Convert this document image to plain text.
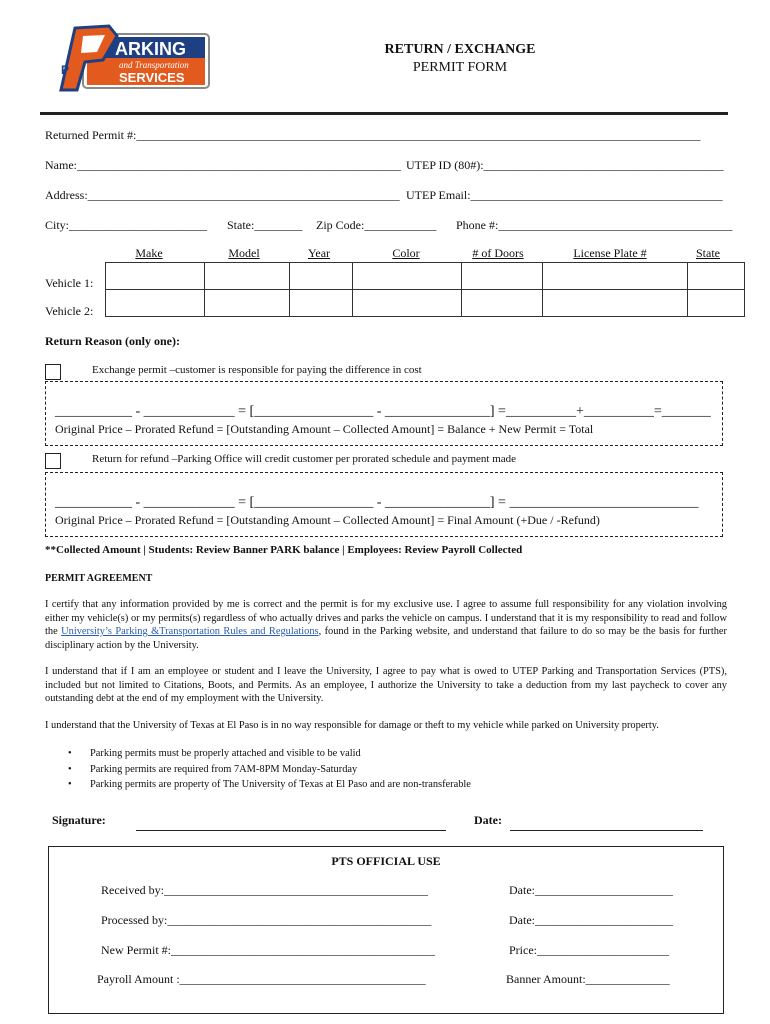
P
ARKING
and Transportation
SERVICES
RETURN / EXCHANGE
PERMIT FORM
Returned Permit #:______________________________________________________________________________________________
Name:______________________________________________________ UTEP ID (80#):________________________________________
Address:____________________________________________________ UTEP Email:__________________________________________
City:_______________________ State:________ Zip Code:____________ Phone #:_______________________________________
Make	Model	Year	Color	# of Doors	License Plate #	State
Vehicle 1:
Vehicle 2:

Return Reason (only one):
Exchange permit –customer is responsible for paying the difference in cost
___________ - _____________ = [_________________ - _______________] =__________+__________=_______
Original Price – Prorated Refund = [Outstanding Amount – Collected Amount] = Balance + New Permit = Total
Return for refund –Parking Office will credit customer per prorated schedule and payment made
___________ - _____________ = [_________________ - _______________] = ___________________________
Original Price – Prorated Refund = [Outstanding Amount – Collected Amount] = Final Amount (+Due / -Refund)
**Collected Amount | Students: Review Banner PARK balance | Employees: Review Payroll Collected
PERMIT AGREEMENT
I certify that any information provided by me is correct and the permit is for my exclusive use. I agree to assume full responsibility for any violation involving either my vehicle(s) or my permits(s) regardless of who actually drives and parks the vehicle on campus. I understand that it is my responsibility to read and follow the University’s Parking &Transportation Rules and Regulations, found in the Parking website, and understand that failure to do so may be the basis for further disciplinary action by the University.
I understand that if I am an employee or student and I leave the University, I agree to pay what is owed to UTEP Parking and Transportation Services (PTS), included but not limited to Citations, Boots, and Permits. As an employee, I authorize the University to take a deduction from my last paycheck to cover any outstanding debt at the end of my employment with the University.
I understand that the University of Texas at El Paso is in no way responsible for damage or theft to my vehicle while parked on University property.
• Parking permits must be properly attached and visible to be valid
• Parking permits are required from 7AM-8PM Monday-Saturday
• Parking permits are property of The University of Texas at El Paso and are non-transferable
Signature:	Date:
PTS OFFICIAL USE
Received by:____________________________________________	Date:_______________________
Processed by:____________________________________________	Date:_______________________
New Permit #:____________________________________________	Price:______________________
Payroll Amount :_________________________________________	Banner Amount:______________
